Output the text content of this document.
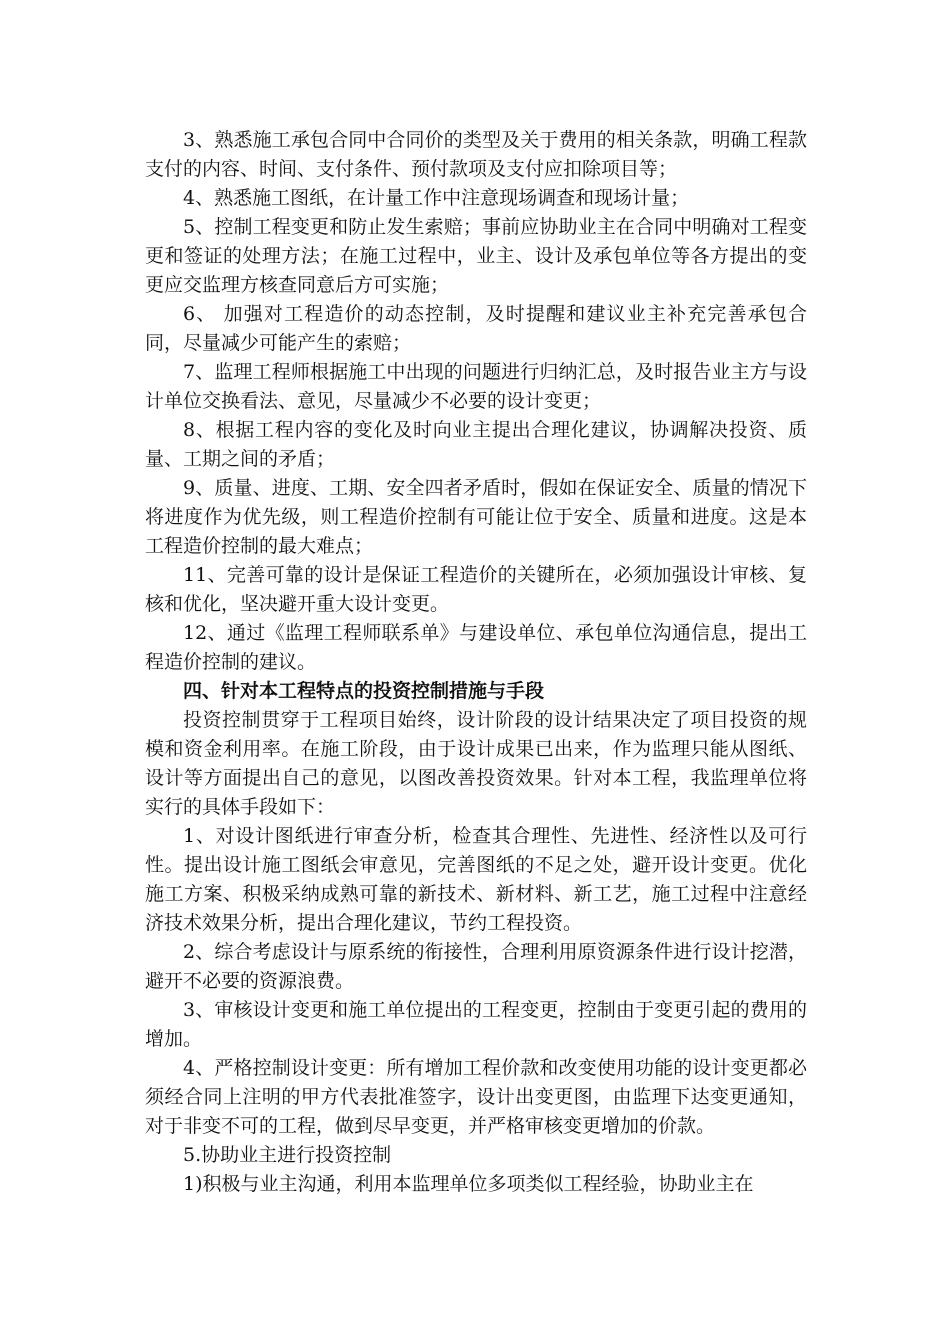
3、熟悉施工承包合同中合同价的类型及关于费用的相关条款，明确工程款支付的内容、时间、支付条件、预付款项及支付应扣除项目等；

4、熟悉施工图纸，在计量工作中注意现场调查和现场计量；

5、控制工程变更和防止发生索赔；事前应协助业主在合同中明确对工程变更和签证的处理方法；在施工过程中，业主、设计及承包单位等各方提出的变更应交监理方核查同意后方可实施；

6、 加强对工程造价的动态控制，及时提醒和建议业主补充完善承包合同，尽量减少可能产生的索赔；

7、监理工程师根据施工中出现的问题进行归纳汇总，及时报告业主方与设计单位交换看法、意见，尽量减少不必要的设计变更；

8、根据工程内容的变化及时向业主提出合理化建议，协调解决投资、质量、工期之间的矛盾；

9、质量、进度、工期、安全四者矛盾时，假如在保证安全、质量的情况下将进度作为优先级，则工程造价控制有可能让位于安全、质量和进度。这是本工程造价控制的最大难点；

11、完善可靠的设计是保证工程造价的关键所在，必须加强设计审核、复核和优化，坚决避开重大设计变更。

12、通过《监理工程师联系单》与建设单位、承包单位沟通信息，提出工程造价控制的建议。

四、针对本工程特点的投资控制措施与手段

投资控制贯穿于工程项目始终，设计阶段的设计结果决定了项目投资的规模和资金利用率。在施工阶段，由于设计成果已出来，作为监理只能从图纸、设计等方面提出自己的意见，以图改善投资效果。针对本工程，我监理单位将实行的具体手段如下：

1、对设计图纸进行审查分析，检查其合理性、先进性、经济性以及可行性。提出设计施工图纸会审意见，完善图纸的不足之处，避开设计变更。优化施工方案、积极采纳成熟可靠的新技术、新材料、新工艺，施工过程中注意经济技术效果分析，提出合理化建议，节约工程投资。

2、综合考虑设计与原系统的衔接性，合理利用原资源条件进行设计挖潜，避开不必要的资源浪费。

3、审核设计变更和施工单位提出的工程变更，控制由于变更引起的费用的增加。

4、严格控制设计变更：所有增加工程价款和改变使用功能的设计变更都必须经合同上注明的甲方代表批准签字，设计出变更图，由监理下达变更通知，对于非变不可的工程，做到尽早变更，并严格审核变更增加的价款。

5.协助业主进行投资控制

1)积极与业主沟通，利用本监理单位多项类似工程经验，协助业主在
